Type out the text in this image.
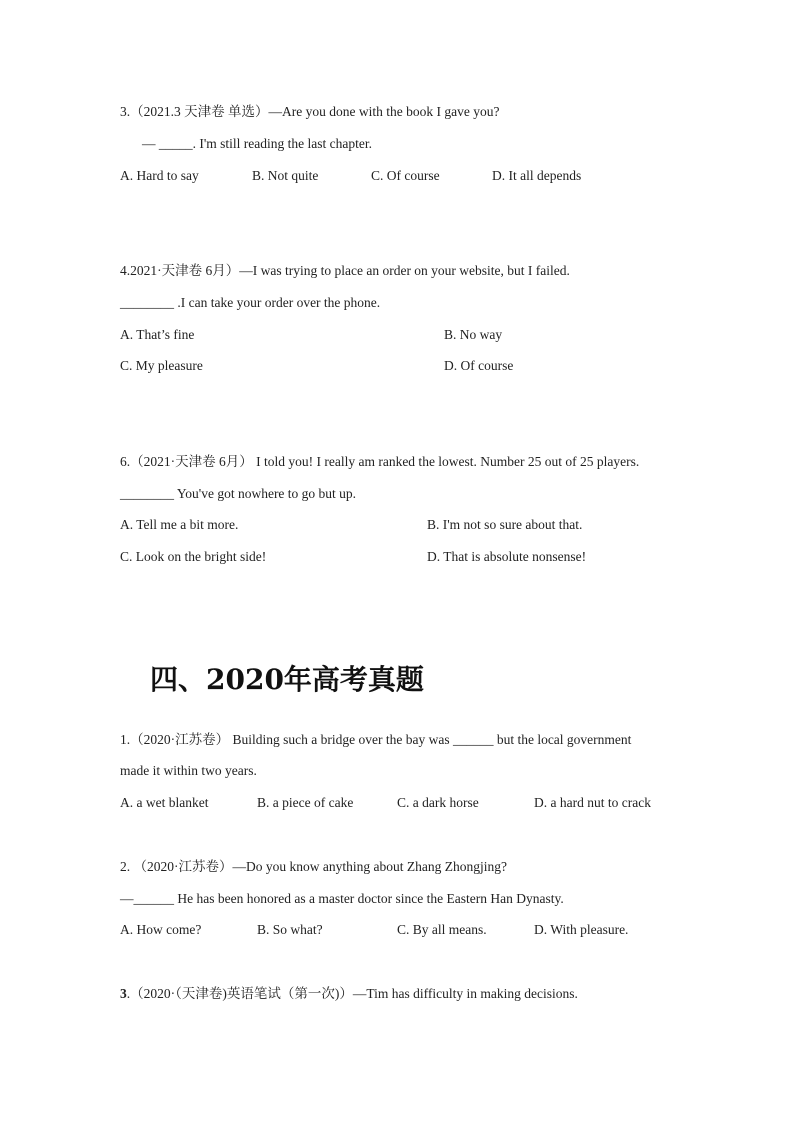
3.（2021.3 天津卷 单选）—Are you done with the book I gave you?
— _____. I'm still reading the last chapter.
A. Hard to say	B. Not quite	C. Of course	D. It all depends
4.2021·天津卷 6月）—I was trying to place an order on your website, but I failed.
________ .I can take your order over the phone.
A. That’s fine	B. No way
C. My pleasure	D. Of course
6.（2021·天津卷 6月） I told you! I really am ranked the lowest. Number 25 out of 25 players.
________ You've got nowhere to go but up.
A. Tell me a bit more.	B. I'm not so sure about that.
C. Look on the bright side!	D. That is absolute nonsense!
四、2020年高考真题
1.（2020·江苏卷） Building such a bridge over the bay was ______ but the local government
made it within two years.
A. a wet blanket	B. a piece of cake	C. a dark horse	D. a hard nut to crack
2. （2020·江苏卷）—Do you know anything about Zhang Zhongjing?
—______ He has been honored as a master doctor since the Eastern Han Dynasty.
A. How come?	B. So what?	C. By all means.	D. With pleasure.
3.（2020·（天津卷)英语笔试（第一次)）—Tim has difficulty in making decisions.
